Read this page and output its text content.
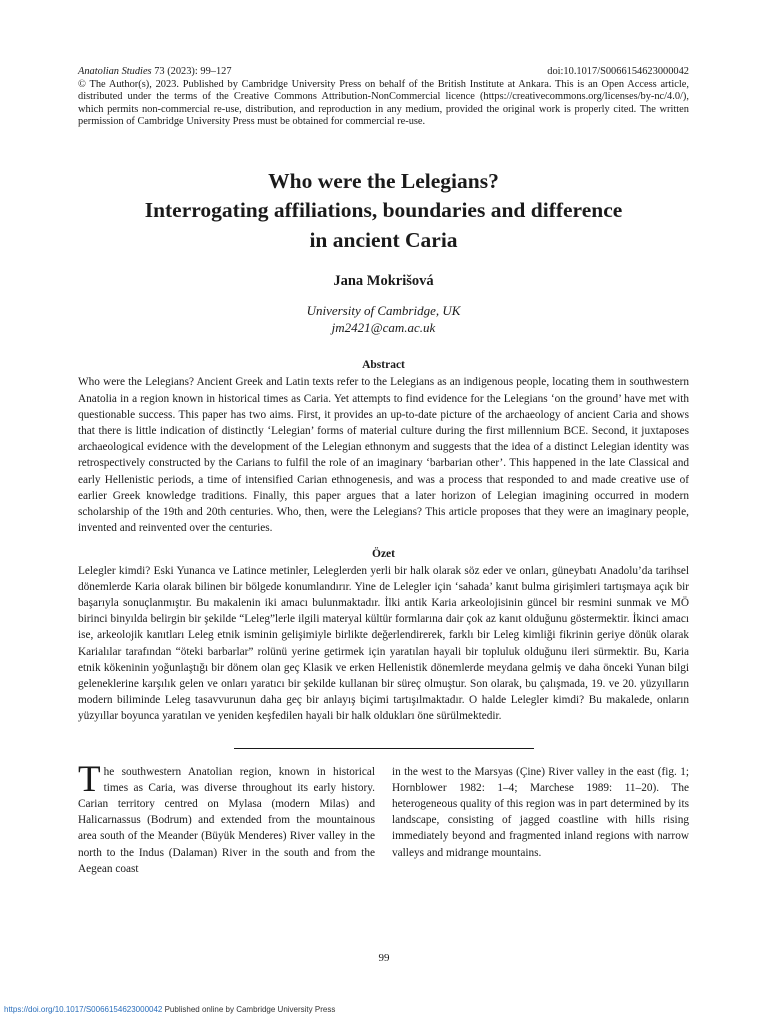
Anatolian Studies 73 (2023): 99–127	doi:10.1017/S0066154623000042
© The Author(s), 2023. Published by Cambridge University Press on behalf of the British Institute at Ankara. This is an Open Access article, distributed under the terms of the Creative Commons Attribution-NonCommercial licence (https://creativecommons.org/licenses/by-nc/4.0/), which permits non-commercial re-use, distribution, and reproduction in any medium, provided the original work is properly cited. The written permission of Cambridge University Press must be obtained for commercial re-use.
Who were the Lelegians?
Interrogating affiliations, boundaries and difference
in ancient Caria
Jana Mokrišová
University of Cambridge, UK
jm2421@cam.ac.uk
Abstract

Who were the Lelegians? Ancient Greek and Latin texts refer to the Lelegians as an indigenous people, locating them in southwestern Anatolia in a region known in historical times as Caria. Yet attempts to find evidence for the Lelegians ‘on the ground’ have met with questionable success. This paper has two aims. First, it provides an up-to-date picture of the archaeology of ancient Caria and shows that there is little indication of distinctly ‘Lelegian’ forms of material culture during the first millennium BCE. Second, it juxtaposes archaeological evidence with the development of the Lelegian ethnonym and suggests that the idea of a distinct Lelegian identity was retrospectively constructed by the Carians to fulfil the role of an imaginary ‘barbarian other’. This happened in the late Classical and early Hellenistic periods, a time of intensified Carian ethnogenesis, and was a process that responded to and made creative use of earlier Greek knowledge traditions. Finally, this paper argues that a later horizon of Lelegian imagining occurred in modern scholarship of the 19th and 20th centuries. Who, then, were the Lelegians? This article proposes that they were an imaginary people, invented and reinvented over the centuries.

Özet

Lelegler kimdi? Eski Yunanca ve Latince metinler, Leleglerden yerli bir halk olarak söz eder ve onları, güneybatı Anadolu’da tarihsel dönemlerde Karia olarak bilinen bir bölgede konumlandırır. Yine de Lelegler için ‘sahada’ kanıt bulma girişimleri tartışmaya açık bir başarıyla sonuçlanmıştır. Bu makalenin iki amacı bulunmaktadır. İlki antik Karia arkeolojisinin güncel bir resmini sunmak ve MÖ birinci binyılda belirgin bir şekilde “Leleg”lerle ilgili materyal kültür formlarına dair çok az kanıt olduğunu göstermektir. İkinci amacı ise, arkeolojik kanıtları Leleg etnik isminin gelişimiyle birlikte değerlendirerek, farklı bir Leleg kimliği fikrinin geriye dönük olarak Karialılar tarafından “öteki barbarlar” rolünü yerine getirmek için yaratılan hayali bir topluluk olduğunu ileri sürmektir. Bu, Karia etnik kökeninin yoğunlaştığı bir dönem olan geç Klasik ve erken Hellenistik dönemlerde meydana gelmiş ve daha önceki Yunan bilgi geleneklerine karşılık gelen ve onları yaratıcı bir şekilde kullanan bir süreç olmuştur. Son olarak, bu çalışmada, 19. ve 20. yüzyılların modern biliminde Leleg tasavvurunun daha geç bir anlayış biçimi tartışılmaktadır. O halde Lelegler kimdi? Bu makalede, onların yüzyıllar boyunca yaratılan ve yeniden keşfedilen hayali bir halk oldukları öne sürülmektedir.

The southwestern Anatolian region, known in historical times as Caria, was diverse throughout its early history. Carian territory centred on Mylasa (modern Milas) and Halicarnassus (Bodrum) and extended from the mountainous area south of the Meander (Büyük Menderes) River valley in the north to the Indus (Dalaman) River in the south and from the Aegean coast
in the west to the Marsyas (Çine) River valley in the east (fig. 1; Hornblower 1982: 1–4; Marchese 1989: 11–20). The heterogeneous quality of this region was in part determined by its landscape, consisting of jagged coastline with hills rising immediately beyond and fragmented inland regions with narrow valleys and midrange mountains.
99
https://doi.org/10.1017/S0066154623000042 Published online by Cambridge University Press
